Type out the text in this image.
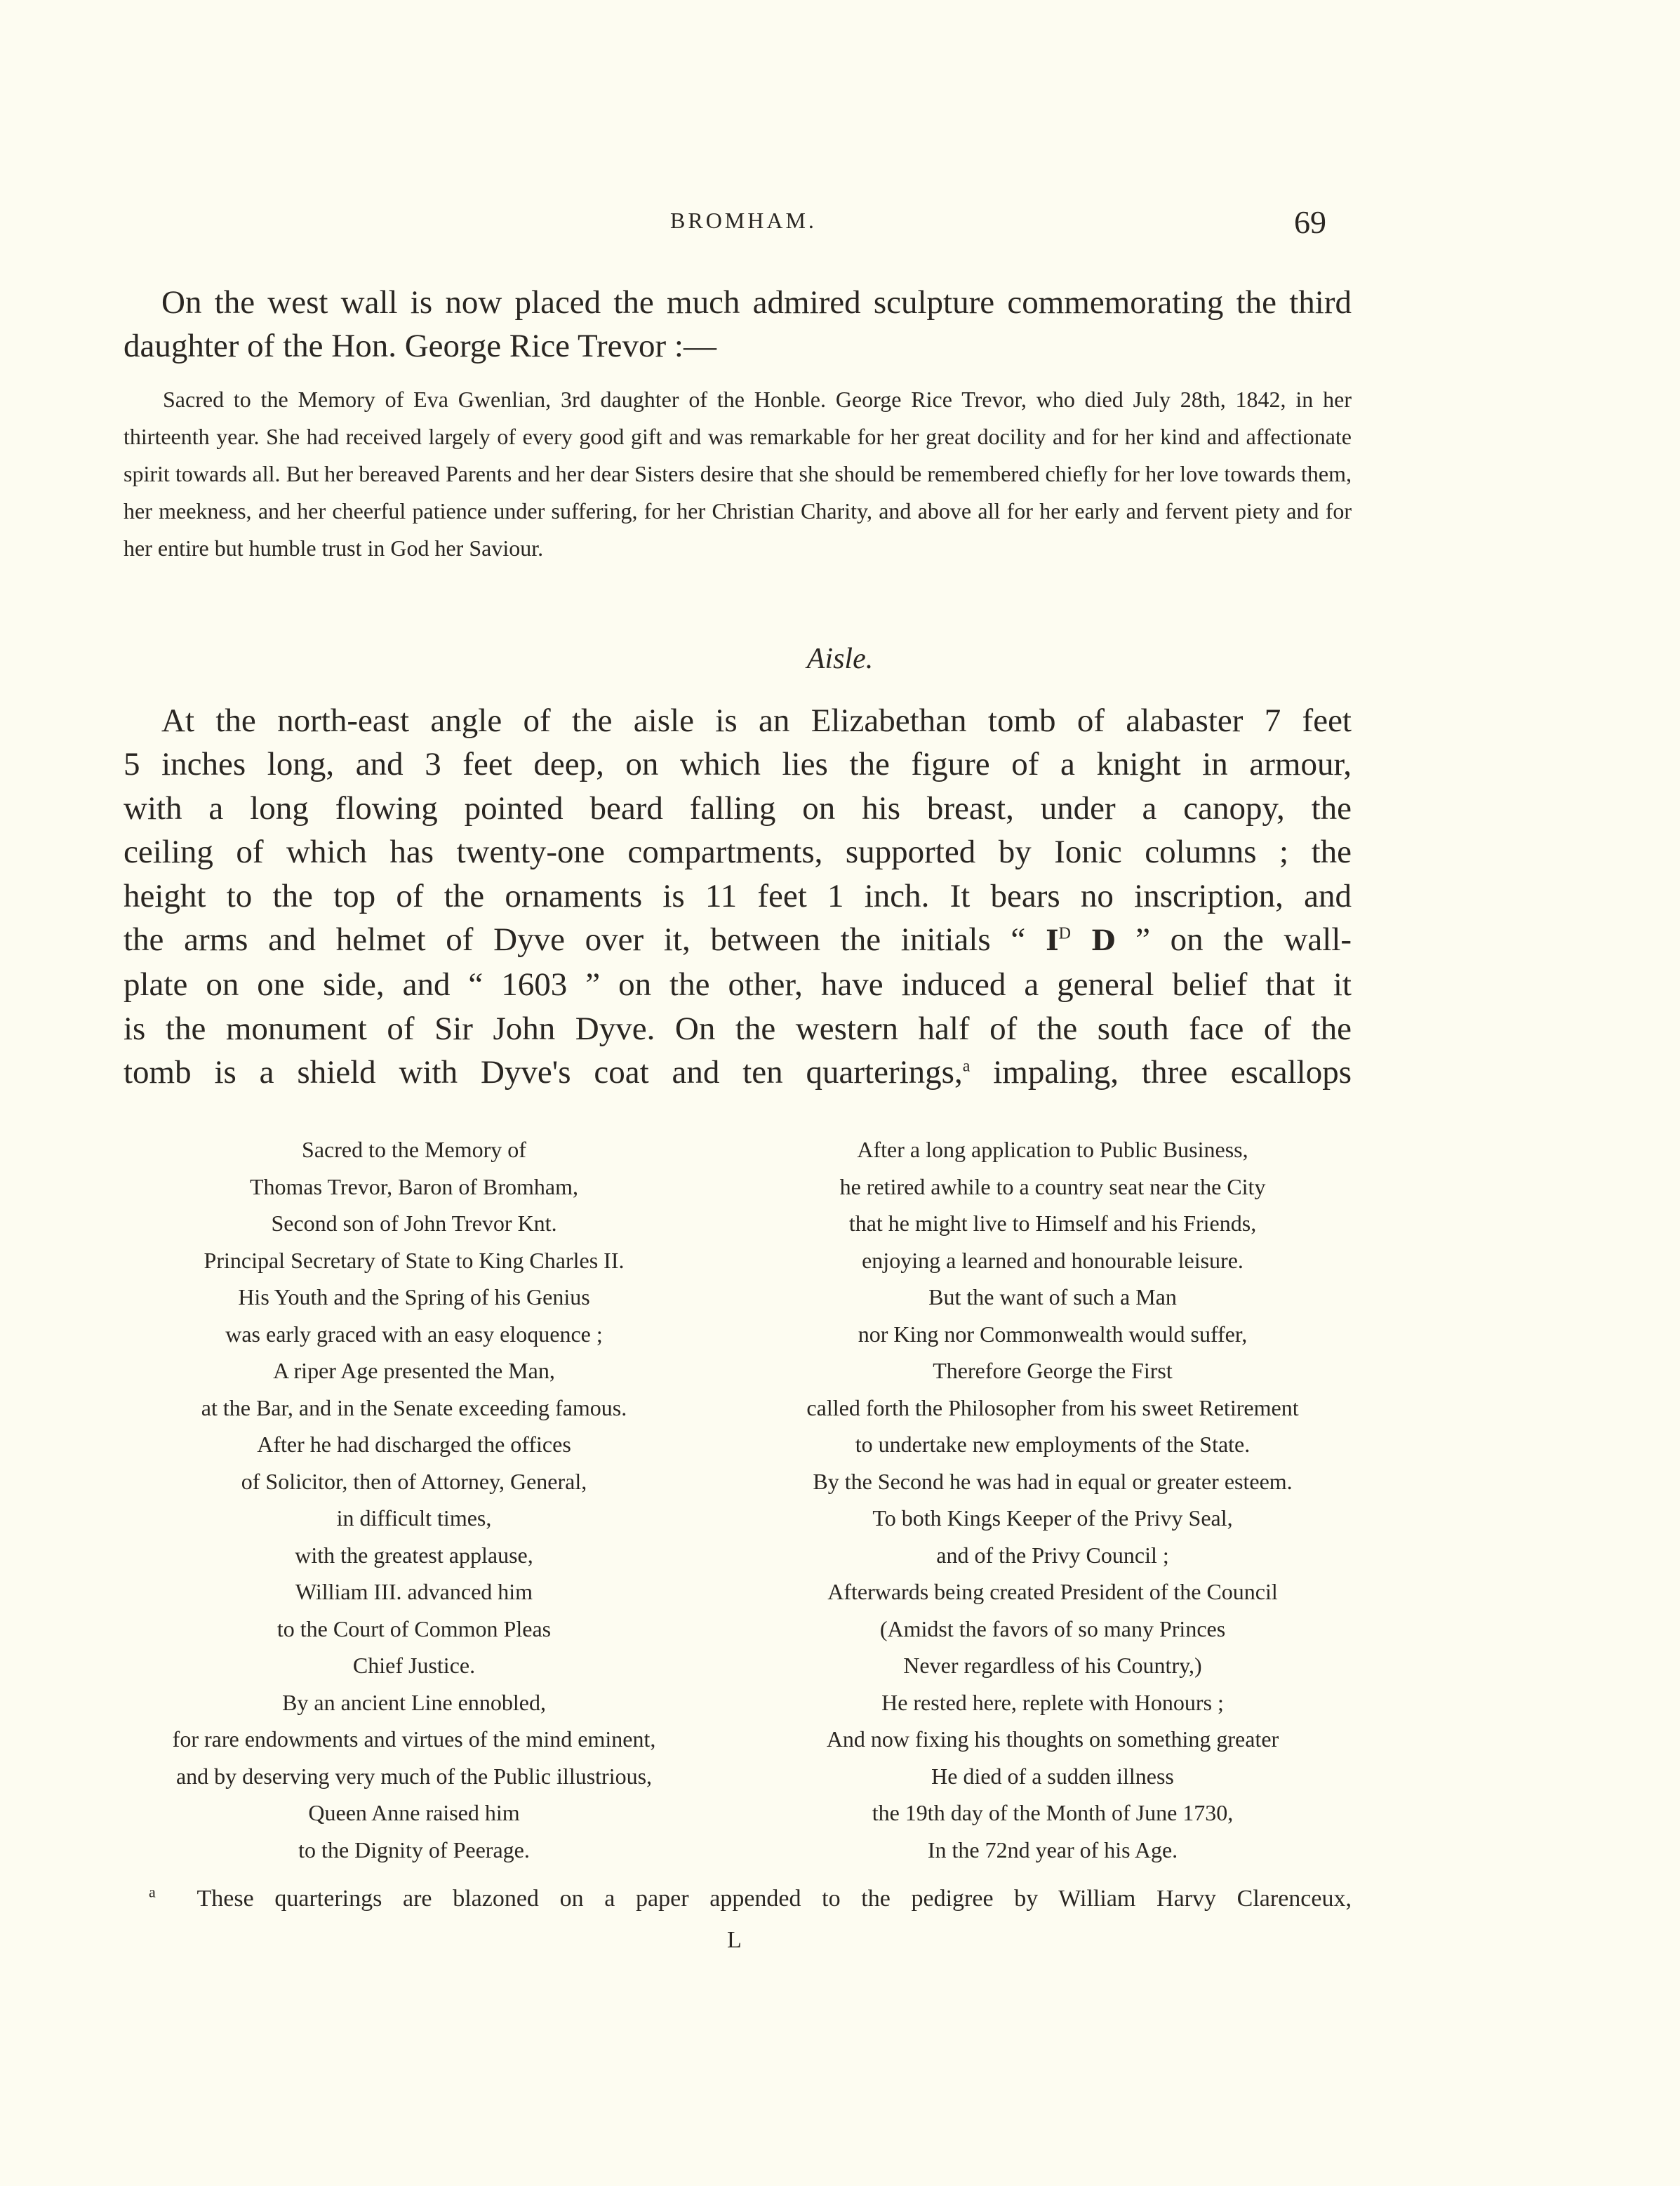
BROMHAM.	69

On the west wall is now placed the much admired sculpture commemorating the third daughter of the Hon. George Rice Trevor :—

Sacred to the Memory of Eva Gwenlian, 3rd daughter of the Honble. George Rice Trevor, who died July 28th, 1842, in her thirteenth year. She had received largely of every good gift and was remarkable for her great docility and for her kind and affectionate spirit towards all. But her bereaved Parents and her dear Sisters desire that she should be remembered chiefly for her love towards them, her meekness, and her cheerful patience under suffering, for her Christian Charity, and above all for her early and fervent piety and for her entire but humble trust in God her Saviour.

Aisle.
At the north-east angle of the aisle is an Elizabethan tomb of alabaster 7 feet
5 inches long, and 3 feet deep, on which lies the figure of a knight in armour,
with a long flowing pointed beard falling on his breast, under a canopy, the
ceiling of which has twenty-one compartments, supported by Ionic columns ; the
height to the top of the ornaments is 11 feet 1 inch. It bears no inscription, and
the arms and helmet of Dyve over it, between the initials “ $I^D$ D ” on the wall-
plate on one side, and “ 1603 ” on the other, have induced a general belief that it
is the monument of Sir John Dyve. On the western half of the south face of the
tomb is a shield with Dyve's coat and ten quarterings,$^a$ impaling, three escallops
Sacred to the Memory of
Thomas Trevor, Baron of Bromham,
Second son of John Trevor Knt.
Principal Secretary of State to King Charles II.
His Youth and the Spring of his Genius
was early graced with an easy eloquence ;
A riper Age presented the Man,
at the Bar, and in the Senate exceeding famous.
After he had discharged the offices
of Solicitor, then of Attorney, General,
in difficult times,
with the greatest applause,
William III. advanced him
to the Court of Common Pleas
Chief Justice.
By an ancient Line ennobled,
for rare endowments and virtues of the mind eminent,
and by deserving very much of the Public illustrious,
Queen Anne raised him
to the Dignity of Peerage.
After a long application to Public Business,
he retired awhile to a country seat near the City
that he might live to Himself and his Friends,
enjoying a learned and honourable leisure.
But the want of such a Man
nor King nor Commonwealth would suffer,
Therefore George the First
called forth the Philosopher from his sweet Retirement
to undertake new employments of the State.
By the Second he was had in equal or greater esteem.
To both Kings Keeper of the Privy Seal,
and of the Privy Council ;
Afterwards being created President of the Council
(Amidst the favors of so many Princes
Never regardless of his Country,)
He rested here, replete with Honours ;
And now fixing his thoughts on something greater
He died of a sudden illness
the 19th day of the Month of June 1730,
In the 72nd year of his Age.

$^a$ These quarterings are blazoned on a paper appended to the pedigree by William Harvy Clarenceux,

L
